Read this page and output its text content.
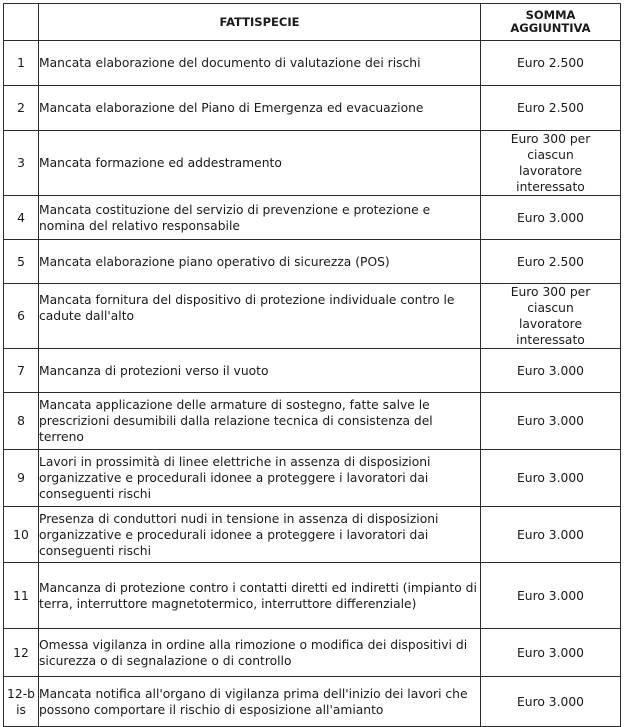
	FATTISPECIE	SOMMA AGGIUNTIVA
1	Mancata elaborazione del documento di valutazione dei rischi	Euro 2.500
2	Mancata elaborazione del Piano di Emergenza ed evacuazione	Euro 2.500
3	Mancata formazione ed addestramento	Euro 300 per ciascun lavoratore interessato
4	Mancata costituzione del servizio di prevenzione e protezione e nomina del relativo responsabile	Euro 3.000
5	Mancata elaborazione piano operativo di sicurezza (POS)	Euro 2.500
6	Mancata fornitura del dispositivo di protezione individuale contro le cadute dall'alto	Euro 300 per ciascun lavoratore interessato
7	Mancanza di protezioni verso il vuoto	Euro 3.000
8	Mancata applicazione delle armature di sostegno, fatte salve le prescrizioni desumibili dalla relazione tecnica di consistenza del terreno	Euro 3.000
9	Lavori in prossimità di linee elettriche in assenza di disposizioni organizzative e procedurali idonee a proteggere i lavoratori dai conseguenti rischi	Euro 3.000
10	Presenza di conduttori nudi in tensione in assenza di disposizioni organizzative e procedurali idonee a proteggere i lavoratori dai conseguenti rischi	Euro 3.000
11	Mancanza di protezione contro i contatti diretti ed indiretti (impianto di terra, interruttore magnetotermico, interruttore differenziale)	Euro 3.000
12	Omessa vigilanza in ordine alla rimozione o modifica dei dispositivi di sicurezza o di segnalazione o di controllo	Euro 3.000
12-bis	Mancata notifica all'organo di vigilanza prima dell'inizio dei lavori che possono comportare il rischio di esposizione all'amianto	Euro 3.000
